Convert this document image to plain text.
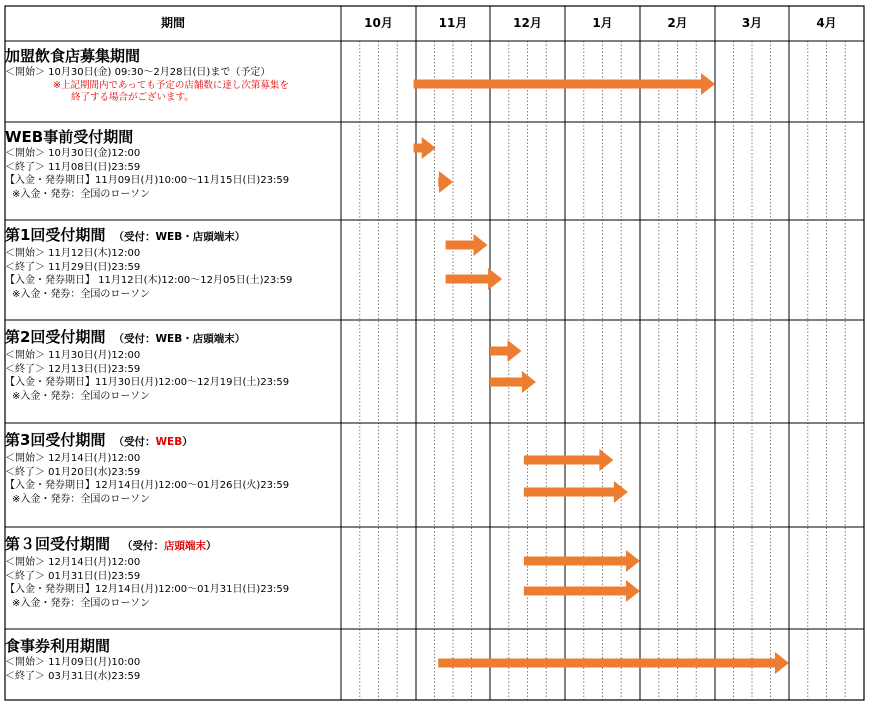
期間	10月	11月	12月	1月	2月	3月	4月
加盟飲食店募集期間
＜開始＞ 10月30日(金) 09:30～2月28日(日)まで（予定）
※上記期間内であっても予定の店舗数に達し次第募集を
終了する場合がございます。
WEB事前受付期間
＜開始＞ 10月30日(金)12:00
＜終了＞ 11月08日(日)23:59
【入金・発券期日】11月09日(月)10:00～11月15日(日)23:59
※入金・発券：全国のローソン
第1回受付期間 （受付：WEB・店頭端末）
＜開始＞ 11月12日(木)12:00
＜終了＞ 11月29日(日)23:59
【入金・発券期日】 11月12日(木)12:00～12月05日(土)23:59
※入金・発券：全国のローソン
第2回受付期間 （受付：WEB・店頭端末）
＜開始＞ 11月30日(月)12:00
＜終了＞ 12月13日(日)23:59
【入金・発券期日】11月30日(月)12:00～12月19日(土)23:59
※入金・発券：全国のローソン
第3回受付期間 （受付：WEB）
＜開始＞ 12月14日(月)12:00
＜終了＞ 01月20日(水)23:59
【入金・発券期日】12月14日(月)12:00～01月26日(火)23:59
※入金・発券：全国のローソン
第３回受付期間 （受付：店頭端末）
＜開始＞ 12月14日(月)12:00
＜終了＞ 01月31日(日)23:59
【入金・発券期日】12月14日(月)12:00～01月31日(日)23:59
※入金・発券：全国のローソン
食事券利用期間
＜開始＞ 11月09日(月)10:00
＜終了＞ 03月31日(水)23:59
